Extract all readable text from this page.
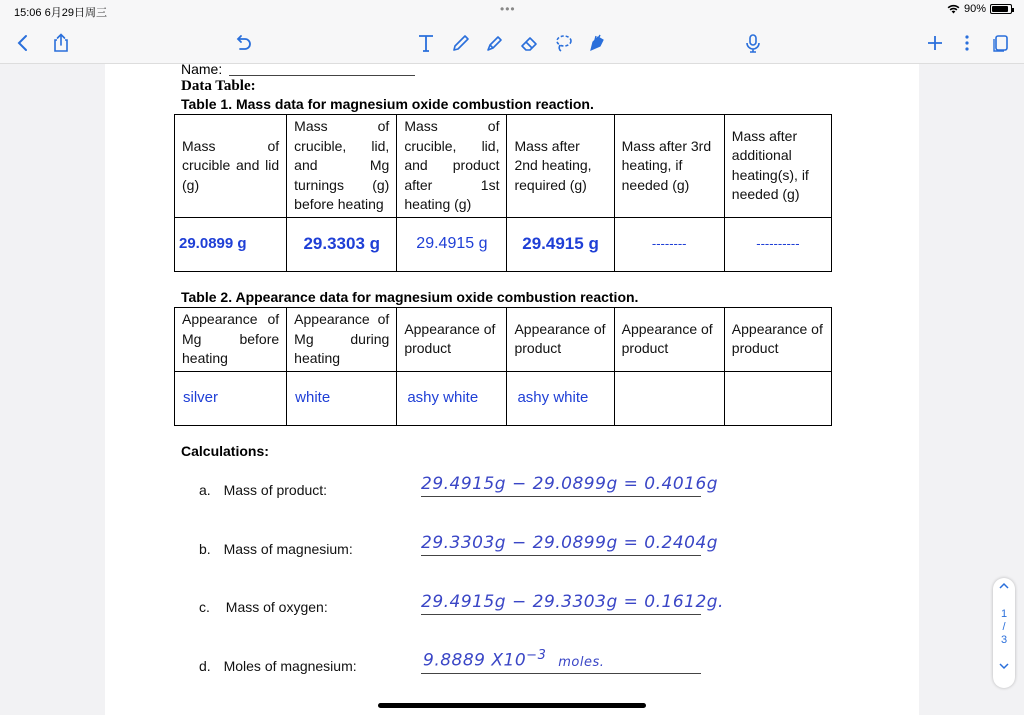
15:06 6月29日周三	•••	90%
Name:
Data Table:
Table 1. Mass data for magnesium oxide combustion reaction.
Mass of crucible and lid (g)	Mass of crucible, lid, and Mg turnings (g) before heating	Mass of crucible, lid, and product after 1st heating (g)	Mass after 2nd heating, required (g)	Mass after 3rd heating, if needed (g)	Mass after additional heating(s), if needed (g)
29.0899 g	29.3303 g	29.4915 g	29.4915 g	--------	----------
Table 2. Appearance data for magnesium oxide combustion reaction.
Appearance of Mg before heating	Appearance of Mg during heating	Appearance of product	Appearance of product	Appearance of product	Appearance of product
silver	white	ashy white	ashy white		
Calculations:
a. Mass of product:	29.4915g − 29.0899g = 0.4016g
b. Mass of magnesium:	29.3303g − 29.0899g = 0.2404g
c. Mass of oxygen:	29.4915g − 29.3303g = 0.1612g.
d. Moles of magnesium:	9.8889 $X10^{-3}$ moles.
1
/
3
